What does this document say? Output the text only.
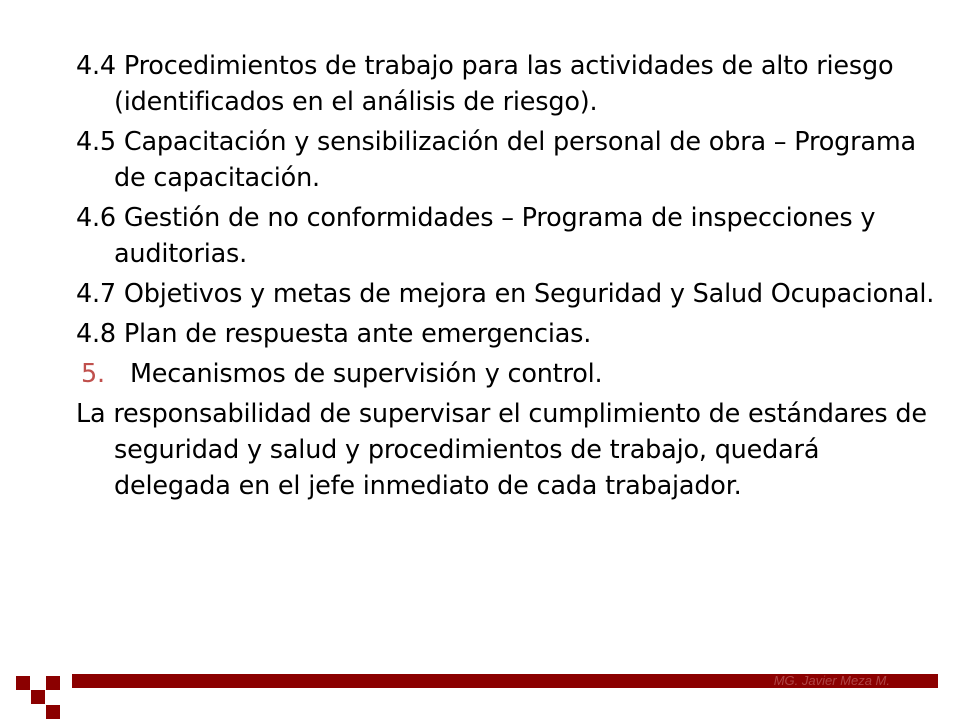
4.4 Procedimientos de trabajo para las actividades de alto riesgo (identificados en el análisis de riesgo).

4.5 Capacitación y sensibilización del personal de obra – Programa de capacitación.

4.6 Gestión de no conformidades – Programa de inspecciones y auditorias.

4.7 Objetivos y metas de mejora en Seguridad y Salud Ocupacional.

4.8 Plan de respuesta ante emergencias.

5. Mecanismos de supervisión y control.

La responsabilidad de supervisar el cumplimiento de estándares de seguridad y salud y procedimientos de trabajo, quedará delegada en el jefe inmediato de cada trabajador.

MG. Javier Meza M.
